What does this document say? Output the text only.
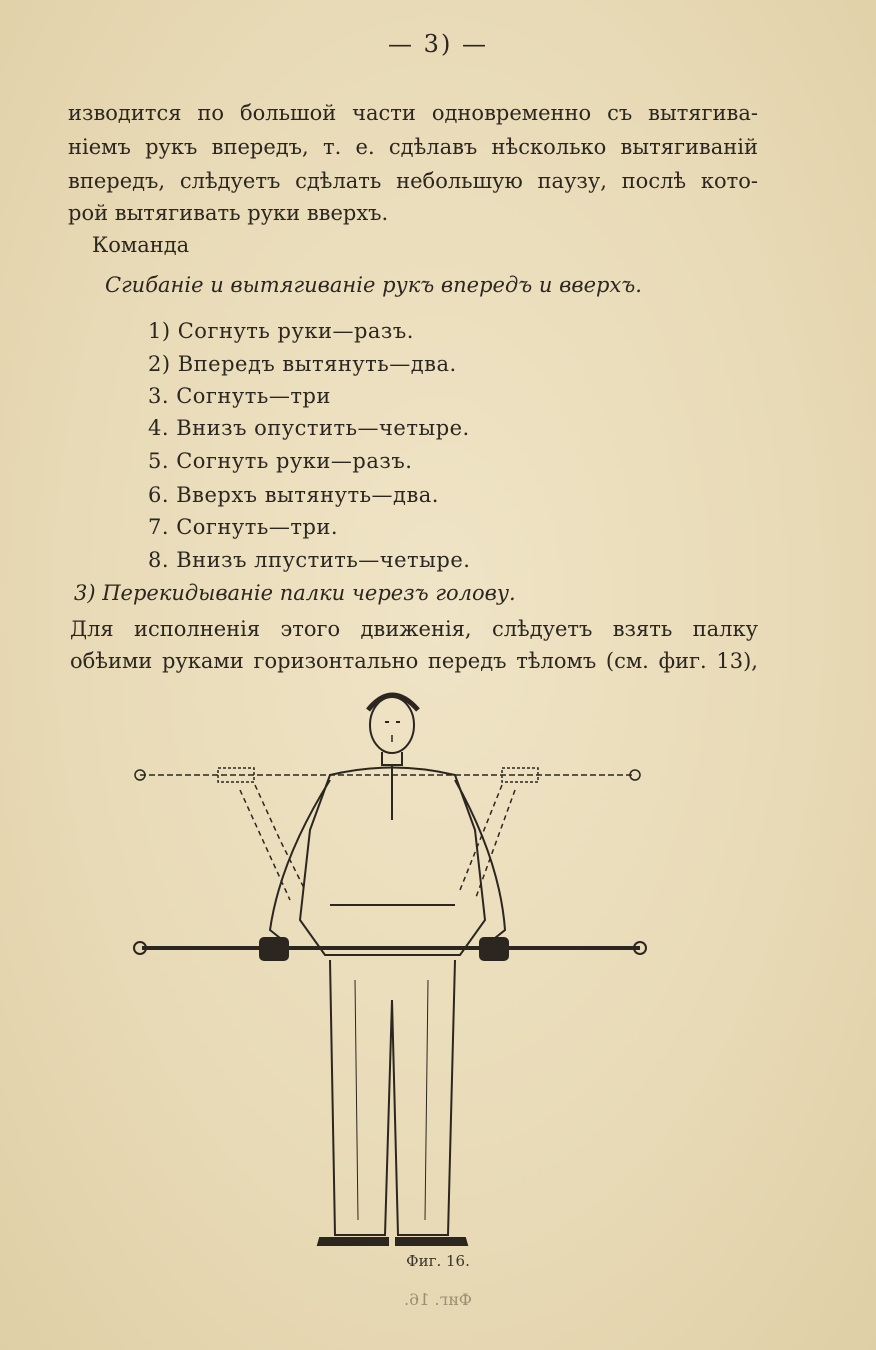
— 3) —
изводится по большой части одновременно съ вытягива-
ніемъ рукъ впередъ, т. е. сдѣлавъ нѣсколько вытягиваній
впередъ, слѣдуетъ сдѣлать небольшую паузу, послѣ кото-
рой вытягивать руки вверхъ.
Команда
Сгибаніе и вытягиваніе рукъ впередъ и вверхъ.
1) Согнуть руки—разъ.
2) Впередъ вытянуть—два.
3. Согнуть—три
4. Внизъ опустить—четыре.
5. Согнуть руки—разъ.
6. Вверхъ вытянуть—два.
7. Согнуть—три.
8. Внизъ лпустить—четыре.
3) Перекидываніе палки черезъ голову.
Для исполненія этого движенія, слѣдуетъ взять палку
обѣими руками горизонтально передъ тѣломъ (см. фиг. 13),
Фиг. 16.
Фиг. 16.
